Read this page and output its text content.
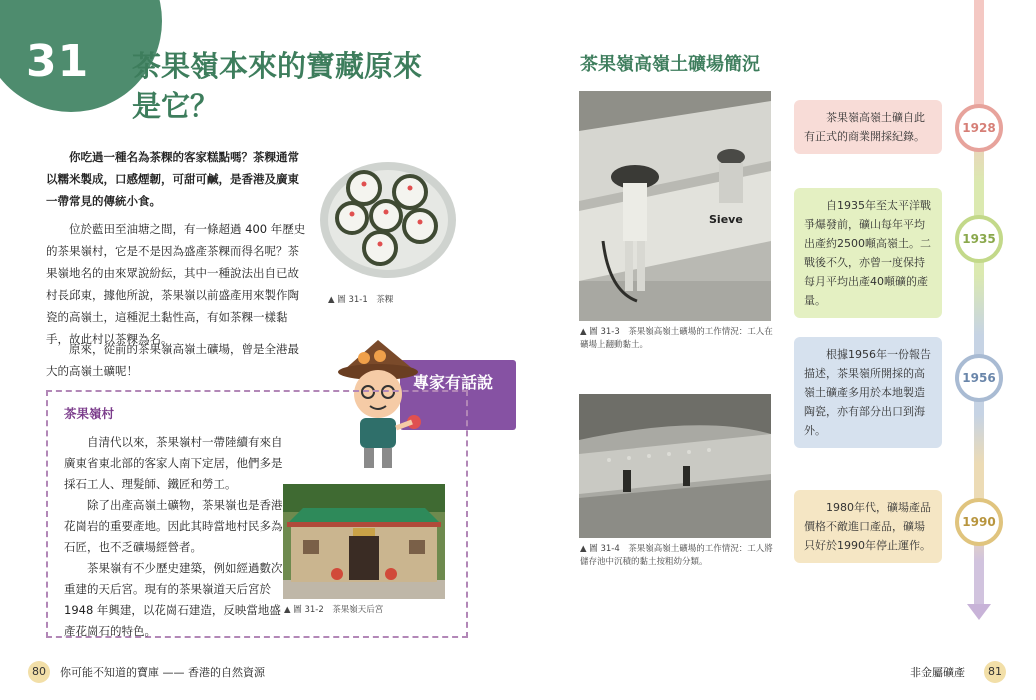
31 茶果嶺本來的寶藏原來
是它？

你吃過一種名為茶粿的客家糕點嗎？茶粿通常以糯米製成，口感煙韌，可甜可鹹，是香港及廣東一帶常見的傳統小食。

位於藍田至油塘之間，有一條超過 400 年歷史的茶果嶺村，它是不是因為盛產茶粿而得名呢？茶果嶺地名的由來眾說紛紜，其中一種說法出自已故村長邱東，據他所說，茶果嶺以前盛產用來製作陶瓷的高嶺土，這種泥土黏性高，有如茶粿一樣黏手，故此村以茶粿為名。

原來，從前的茶果嶺高嶺土礦場，曾是全港最大的高嶺土礦呢！

▲ 圖 31-1　茶粿
專家有話說
茶果嶺村

自清代以來，茶果嶺村一帶陸續有來自廣東省東北部的客家人南下定居，他們多是採石工人、理髮師、鐵匠和勞工。

除了出產高嶺土礦物，茶果嶺也是香港花崗岩的重要產地。因此其時當地村民多為石匠，也不乏礦場經營者。

茶果嶺有不少歷史建築，例如經過數次重建的天后宮。現有的茶果嶺道天后宮於 1948 年興建，以花崗石建造，反映當地盛產花崗石的特色。

▲ 圖 31-2　茶果嶺天后宮
茶果嶺高嶺土礦場簡況
Sieve
▲ 圖 31-3　茶果嶺高嶺土礦場的工作情況：工人在礦場上翻動黏土。
▲ 圖 31-4　茶果嶺高嶺土礦場的工作情況：工人將儲存池中沉積的黏土按粗幼分類。
茶果嶺高嶺土礦自此有正式的商業開採紀錄。
1928
自1935年至太平洋戰爭爆發前，礦山每年平均出產約2500噸高嶺土。二戰後不久，亦曾一度保持每月平均出產40噸礦的產量。
1935
根據1956年一份報告描述，茶果嶺所開採的高嶺土礦產多用於本地製造陶瓷，亦有部分出口到海外。
1956
1980年代，礦場產品價格不敵進口產品，礦場只好於1990年停止運作。
1990
80	你可能不知道的寶庫 —— 香港的自然資源	非金屬礦產	81
